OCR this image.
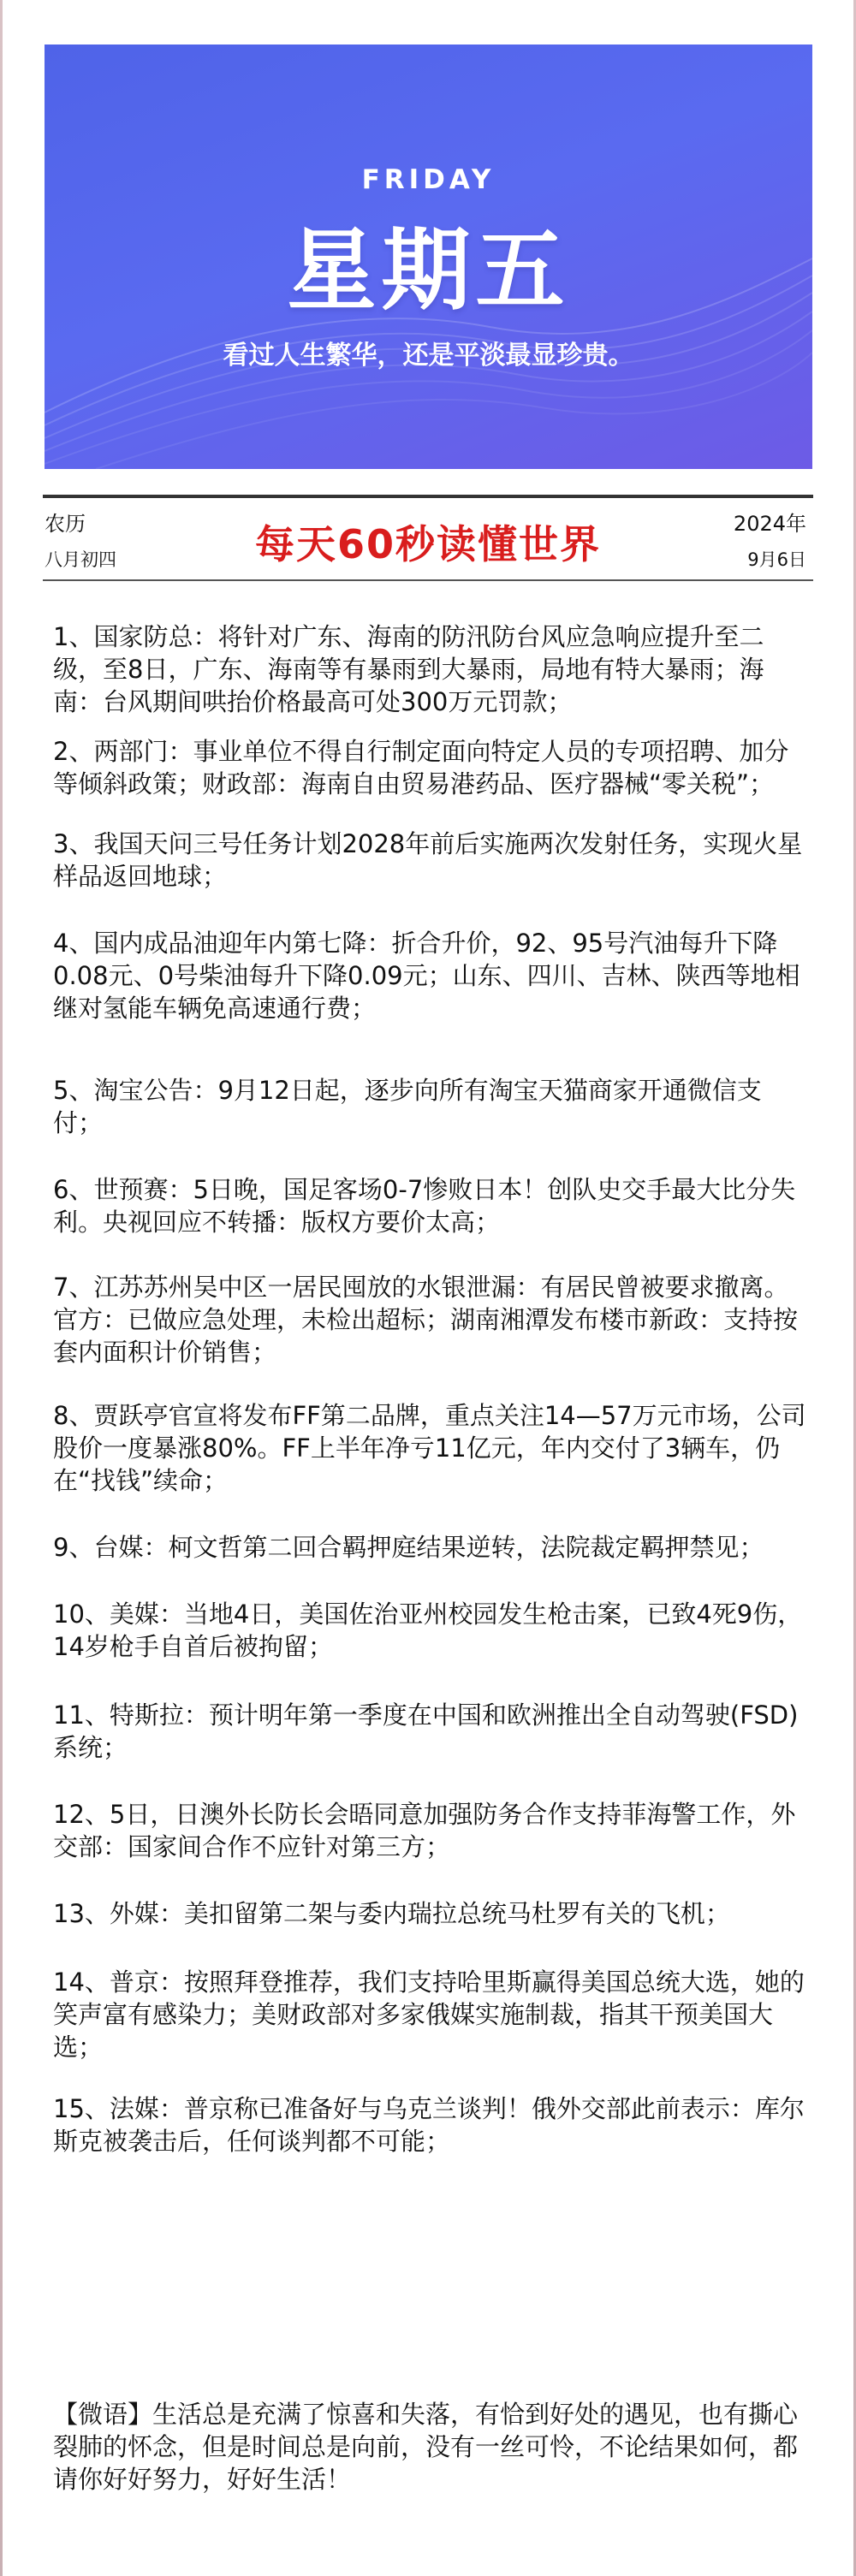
FRIDAY
星期五
看过人生繁华，还是平淡最显珍贵。
农历
八月初四	每天60秒读懂世界	2024年
9月6日
1、国家防总：将针对广东、海南的防汛防台风应急响应提升至二级，至8日，广东、海南等有暴雨到大暴雨，局地有特大暴雨；海南：台风期间哄抬价格最高可处300万元罚款；
2、两部门：事业单位不得自行制定面向特定人员的专项招聘、加分等倾斜政策；财政部：海南自由贸易港药品、医疗器械“零关税”；
3、我国天问三号任务计划2028年前后实施两次发射任务，实现火星样品返回地球；
4、国内成品油迎年内第七降：折合升价，92、95号汽油每升下降0.08元、0号柴油每升下降0.09元；山东、四川、吉林、陕西等地相继对氢能车辆免高速通行费；
5、淘宝公告：9月12日起，逐步向所有淘宝天猫商家开通微信支付；
6、世预赛：5日晚，国足客场0-7惨败日本！创队史交手最大比分失利。央视回应不转播：版权方要价太高；
7、江苏苏州吴中区一居民囤放的水银泄漏：有居民曾被要求撤离。官方：已做应急处理，未检出超标；湖南湘潭发布楼市新政：支持按套内面积计价销售；
8、贾跃亭官宣将发布FF第二品牌，重点关注14—57万元市场，公司股价一度暴涨80%。FF上半年净亏11亿元，年内交付了3辆车，仍在“找钱”续命；
9、台媒：柯文哲第二回合羁押庭结果逆转，法院裁定羁押禁见；
10、美媒：当地4日，美国佐治亚州校园发生枪击案，已致4死9伤，14岁枪手自首后被拘留；
11、特斯拉：预计明年第一季度在中国和欧洲推出全自动驾驶(FSD)系统；
12、5日，日澳外长防长会晤同意加强防务合作支持菲海警工作，外交部：国家间合作不应针对第三方；
13、外媒：美扣留第二架与委内瑞拉总统马杜罗有关的飞机；
14、普京：按照拜登推荐，我们支持哈里斯赢得美国总统大选，她的笑声富有感染力；美财政部对多家俄媒实施制裁，指其干预美国大选；
15、法媒：普京称已准备好与乌克兰谈判！俄外交部此前表示：库尔斯克被袭击后，任何谈判都不可能；
【微语】生活总是充满了惊喜和失落，有恰到好处的遇见，也有撕心裂肺的怀念，但是时间总是向前，没有一丝可怜，不论结果如何，都请你好好努力，好好生活！
